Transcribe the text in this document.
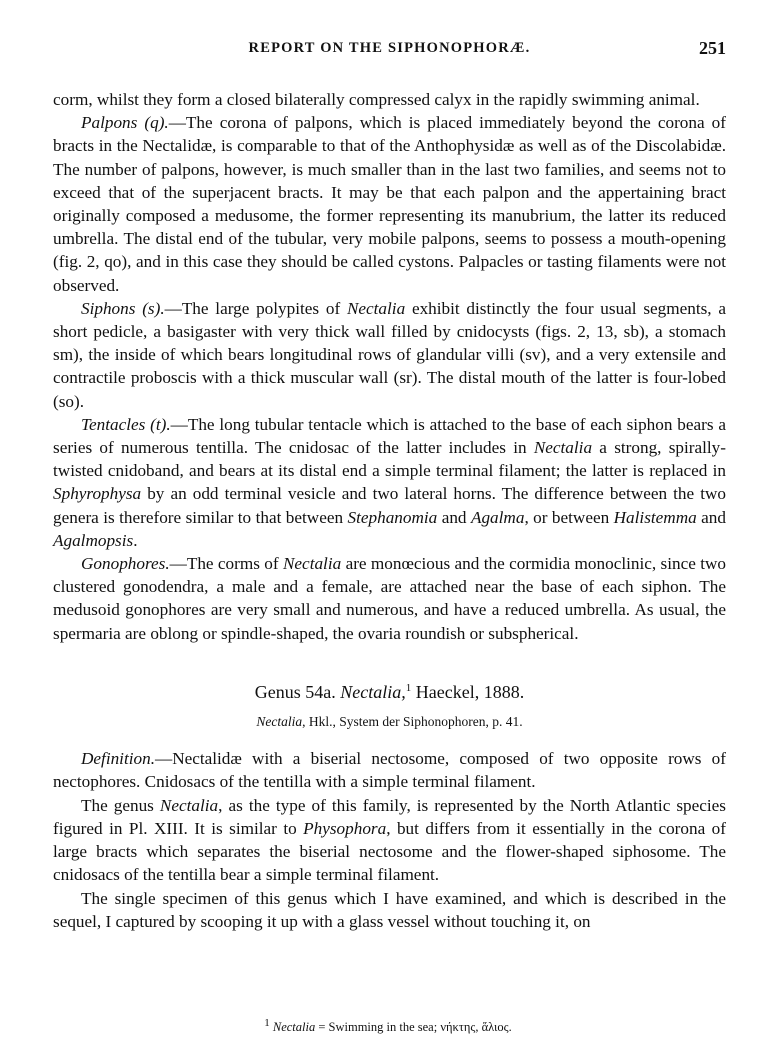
REPORT ON THE SIPHONOPHORÆ.	251

corm, whilst they form a closed bilaterally compressed calyx in the rapidly swimming animal.

Palpons (q).—The corona of palpons, which is placed immediately beyond the corona of bracts in the Nectalidæ, is comparable to that of the Anthophysidæ as well as of the Discolabidæ. The number of palpons, however, is much smaller than in the last two families, and seems not to exceed that of the superjacent bracts. It may be that each palpon and the appertaining bract originally composed a medusome, the former representing its manubrium, the latter its reduced umbrella. The distal end of the tubular, very mobile palpons, seems to possess a mouth-opening (fig. 2, qo), and in this case they should be called cystons. Palpacles or tasting filaments were not observed.

Siphons (s).—The large polypites of Nectalia exhibit distinctly the four usual segments, a short pedicle, a basigaster with very thick wall filled by cnidocysts (figs. 2, 13, sb), a stomach sm), the inside of which bears longitudinal rows of glandular villi (sv), and a very extensile and contractile proboscis with a thick muscular wall (sr). The distal mouth of the latter is four-lobed (so).

Tentacles (t).—The long tubular tentacle which is attached to the base of each siphon bears a series of numerous tentilla. The cnidosac of the latter includes in Nectalia a strong, spirally-twisted cnidoband, and bears at its distal end a simple terminal filament; the latter is replaced in Sphyrophysa by an odd terminal vesicle and two lateral horns. The difference between the two genera is therefore similar to that between Stephanomia and Agalma, or between Halistemma and Agalmopsis.

Gonophores.—The corms of Nectalia are monœcious and the cormidia monoclinic, since two clustered gonodendra, a male and a female, are attached near the base of each siphon. The medusoid gonophores are very small and numerous, and have a reduced umbrella. As usual, the spermaria are oblong or spindle-shaped, the ovaria roundish or subspherical.

Genus 54a. Nectalia,$^1$ Haeckel, 1888.
Nectalia, Hkl., System der Siphonophoren, p. 41.

Definition.—Nectalidæ with a biserial nectosome, composed of two opposite rows of nectophores. Cnidosacs of the tentilla with a simple terminal filament.

The genus Nectalia, as the type of this family, is represented by the North Atlantic species figured in Pl. XIII. It is similar to Physophora, but differs from it essentially in the corona of large bracts which separates the biserial nectosome and the flower-shaped siphosome. The cnidosacs of the tentilla bear a simple terminal filament.

The single specimen of this genus which I have examined, and which is described in the sequel, I captured by scooping it up with a glass vessel without touching it, on

$^1$ Nectalia = Swimming in the sea; νήκτης, ἅλιος.
